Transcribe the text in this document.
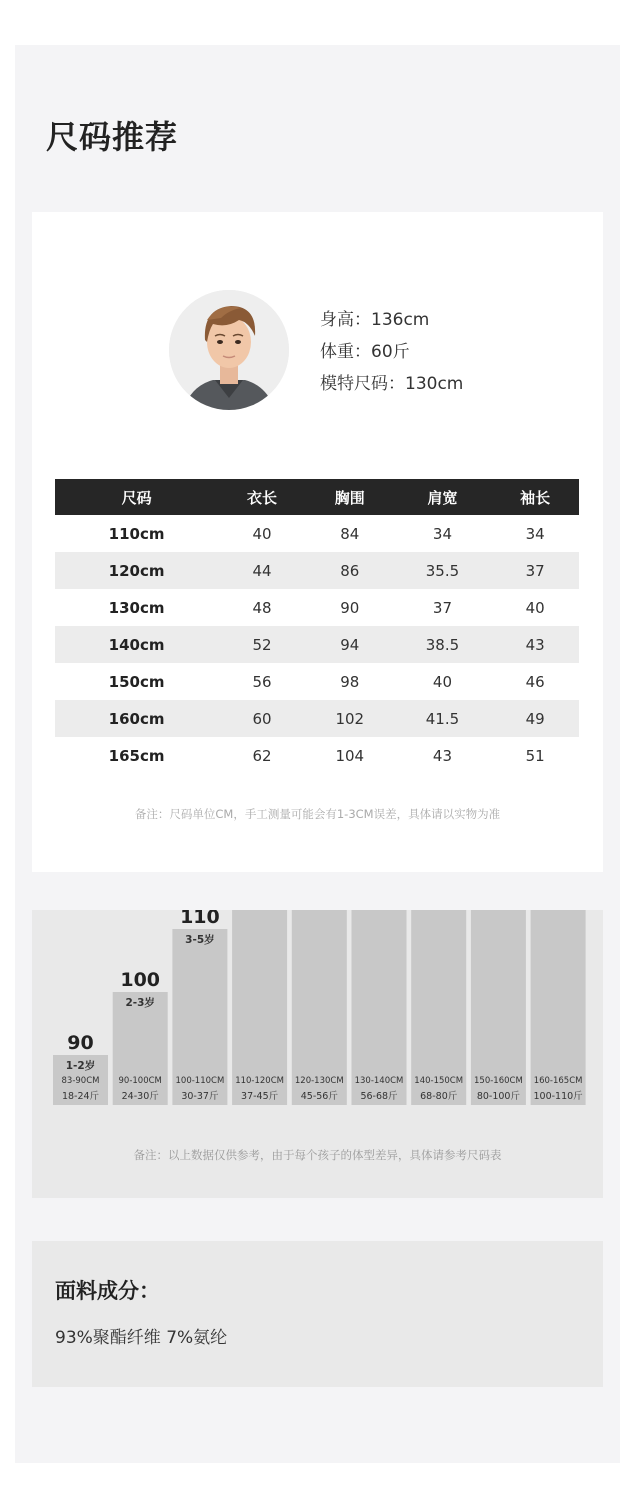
尺码推荐
身高：136cm
体重：60斤
模特尺码：130cm
尺码	衣长	胸围	肩宽	袖长
110cm	40	84	34	34
120cm	44	86	35.5	37
130cm	48	90	37	40
140cm	52	94	38.5	43
150cm	56	98	40	46
160cm	60	102	41.5	49
165cm	62	104	43	51
备注：尺码单位CM，手工测量可能会有1-3CM误差，具体请以实物为准
90
1-2岁
83-90CM
18-24斤
100
2-3岁
90-100CM
24-30斤
110
3-5岁
100-110CM
30-37斤
110-120CM
37-45斤
120-130CM
45-56斤
130-140CM
56-68斤
140-150CM
68-80斤
150-160CM
80-100斤
160-165CM
100-110斤
备注：以上数据仅供参考，由于每个孩子的体型差异，具体请参考尺码表
面料成分：
93%聚酯纤维 7%氨纶
